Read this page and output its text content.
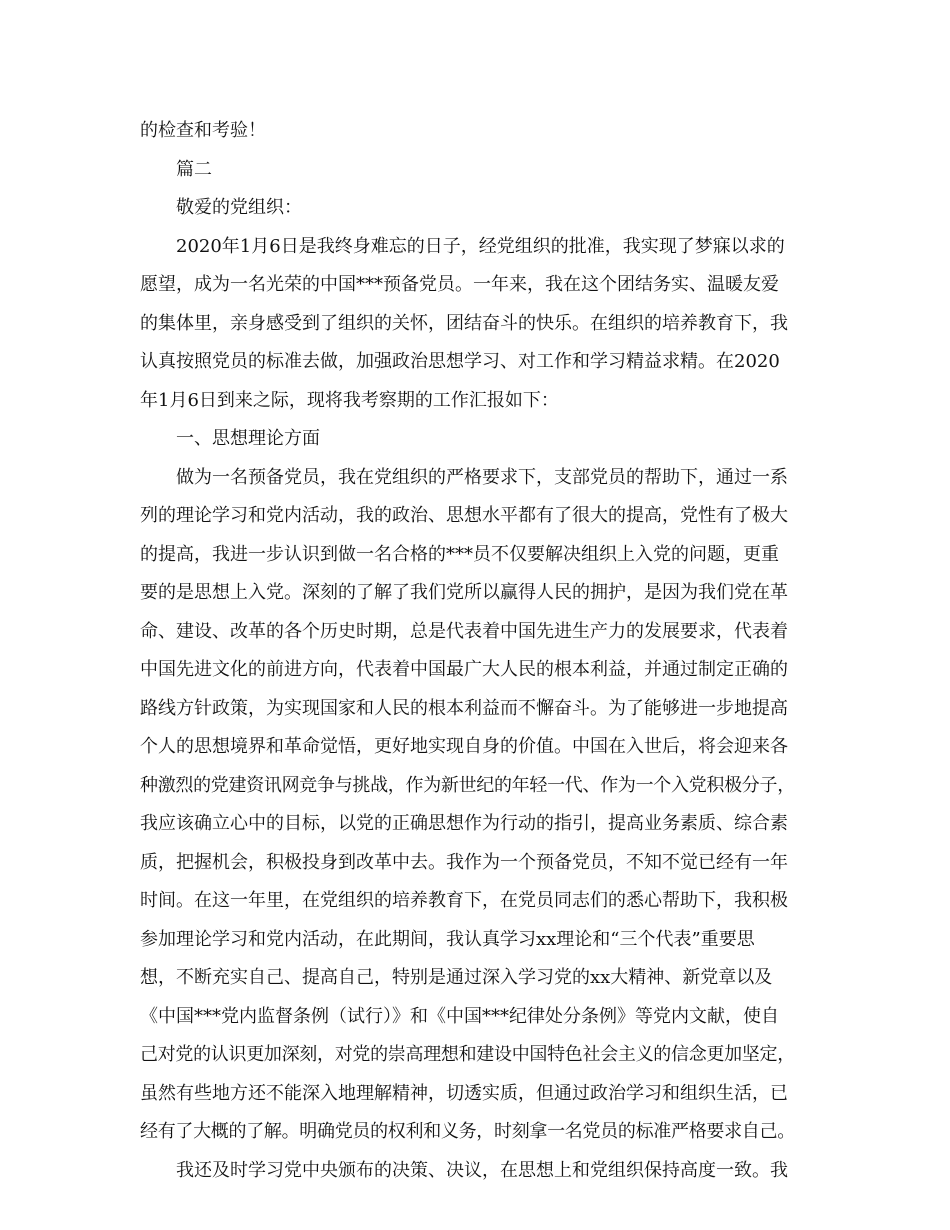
的检查和考验！
篇二
敬爱的党组织：
2020年1月6日是我终身难忘的日子，经党组织的批准，我实现了梦寐以求的
愿望，成为一名光荣的中国***预备党员。一年来，我在这个团结务实、温暖友爱
的集体里，亲身感受到了组织的关怀，团结奋斗的快乐。在组织的培养教育下，我
认真按照党员的标准去做，加强政治思想学习、对工作和学习精益求精。在2020
年1月6日到来之际，现将我考察期的工作汇报如下：
一、思想理论方面
做为一名预备党员，我在党组织的严格要求下，支部党员的帮助下，通过一系
列的理论学习和党内活动，我的政治、思想水平都有了很大的提高，党性有了极大
的提高，我进一步认识到做一名合格的***员不仅要解决组织上入党的问题，更重
要的是思想上入党。深刻的了解了我们党所以赢得人民的拥护，是因为我们党在革
命、建设、改革的各个历史时期，总是代表着中国先进生产力的发展要求，代表着
中国先进文化的前进方向，代表着中国最广大人民的根本利益，并通过制定正确的
路线方针政策，为实现国家和人民的根本利益而不懈奋斗。为了能够进一步地提高
个人的思想境界和革命觉悟，更好地实现自身的价值。中国在入世后，将会迎来各
种激烈的党建资讯网竞争与挑战，作为新世纪的年轻一代、作为一个入党积极分子，
我应该确立心中的目标，以党的正确思想作为行动的指引，提高业务素质、综合素
质，把握机会，积极投身到改革中去。我作为一个预备党员，不知不觉已经有一年
时间。在这一年里，在党组织的培养教育下，在党员同志们的悉心帮助下，我积极
参加理论学习和党内活动，在此期间，我认真学习xx理论和“三个代表”重要思
想，不断充实自己、提高自己，特别是通过深入学习党的xx大精神、新党章以及
《中国***党内监督条例（试行）》和《中国***纪律处分条例》等党内文献，使自
己对党的认识更加深刻，对党的崇高理想和建设中国特色社会主义的信念更加坚定，
虽然有些地方还不能深入地理解精神，切透实质，但通过政治学习和组织生活，已
经有了大概的了解。明确党员的权利和义务，时刻拿一名党员的标准严格要求自己。
我还及时学习党中央颁布的决策、决议，在思想上和党组织保持高度一致。我
